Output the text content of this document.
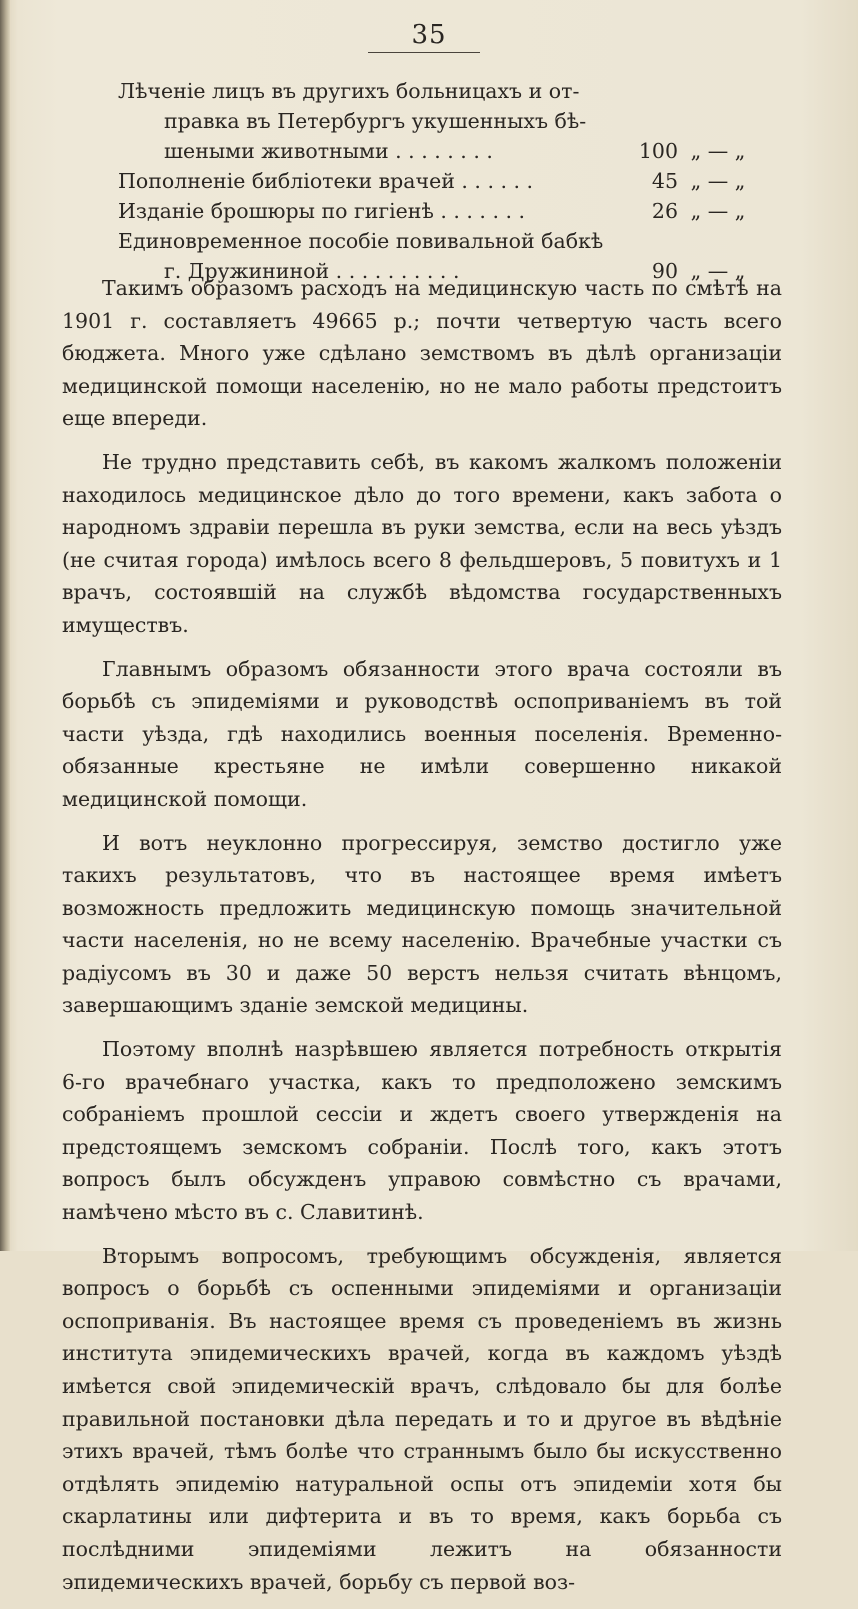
35
Лѣченіе лицъ въ другихъ больницахъ и от-
правка въ Петербургъ укушенныхъ бѣ-
шеными животными . . . . . . . .	100 „ — „
Пополненіе библіотеки врачей . . . . . .	45 „ — „
Изданіе брошюры по гигіенѣ . . . . . . .	26 „ — „
Единовременное пособіе повивальной бабкѣ
г. Дружининой . . . . . . . . . .	90 „ — „

Такимъ образомъ расходъ на медицинскую часть по смѣтѣ на 1901 г. составляетъ 49665 р.; почти четвертую часть всего бюджета. Много уже сдѣлано земствомъ въ дѣлѣ организаціи медицинской помощи населенію, но не мало работы предстоитъ еще впереди.

Не трудно представить себѣ, въ какомъ жалкомъ положеніи находилось медицинское дѣло до того времени, какъ забота о народномъ здравіи перешла въ руки земства, если на весь уѣздъ (не считая города) имѣлось всего 8 фельдшеровъ, 5 повитухъ и 1 врачъ, состоявшій на службѣ вѣдомства государственныхъ имуществъ.

Главнымъ образомъ обязанности этого врача состояли въ борьбѣ съ эпидеміями и руководствѣ оспоприваніемъ въ той части уѣзда, гдѣ находились военныя поселенія. Временно-обязанные крестьяне не имѣли совершенно никакой медицинской помощи.

И вотъ неуклонно прогрессируя, земство достигло уже такихъ результатовъ, что въ настоящее время имѣетъ возможность предложить медицинскую помощь значительной части населенія, но не всему населенію. Врачебные участки съ радіусомъ въ 30 и даже 50 верстъ нельзя считать вѣнцомъ, завершающимъ зданіе земской медицины.

Поэтому вполнѣ назрѣвшею является потребность открытія 6-го врачебнаго участка, какъ то предположено земскимъ собраніемъ прошлой сессіи и ждетъ своего утвержденія на предстоящемъ земскомъ собраніи. Послѣ того, какъ этотъ вопросъ былъ обсужденъ управою совмѣстно съ врачами, намѣчено мѣсто въ с. Славитинѣ.

Вторымъ вопросомъ, требующимъ обсужденія, является вопросъ о борьбѣ съ оспенными эпидеміями и организаціи оспоприванія. Въ настоящее время съ проведеніемъ въ жизнь института эпидемическихъ врачей, когда въ каждомъ уѣздѣ имѣется свой эпидемическій врачъ, слѣдовало бы для болѣе правильной постановки дѣла передать и то и другое въ вѣдѣніе этихъ врачей, тѣмъ болѣе что страннымъ было бы искусственно отдѣлять эпидемію натуральной оспы отъ эпидеміи хотя бы скарлатины или дифтерита и въ то время, какъ борьба съ послѣдними эпидеміями лежитъ на обязанности эпидемическихъ врачей, борьбу съ первой воз-
